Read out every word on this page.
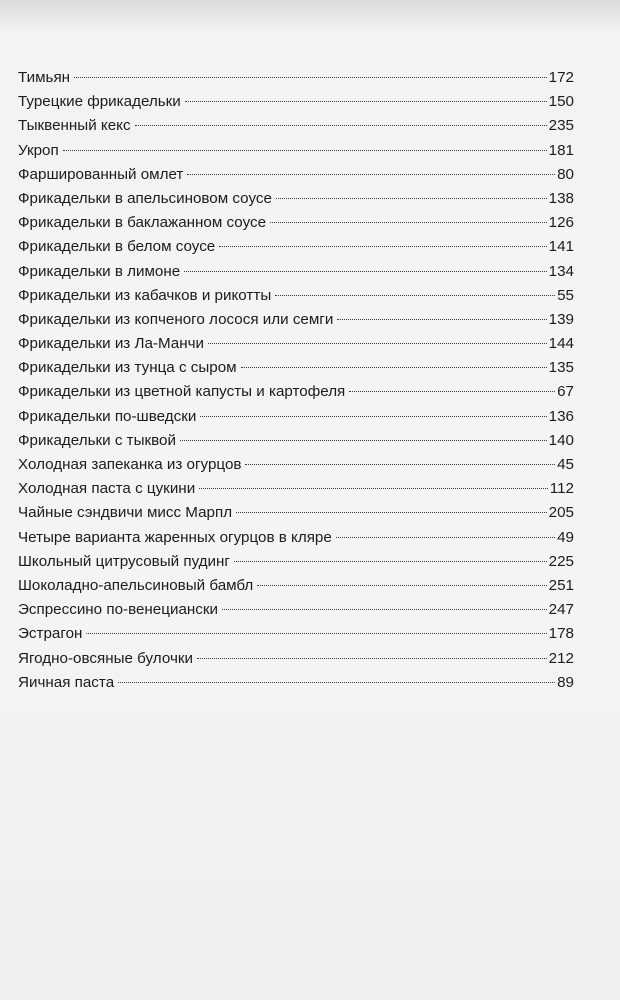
Тимьян	172
Турецкие фрикадельки	150
Тыквенный кекс	235
Укроп	181
Фаршированный омлет	80
Фрикадельки в апельсиновом соусе	138
Фрикадельки в баклажанном соусе	126
Фрикадельки в белом соусе	141
Фрикадельки в лимоне	134
Фрикадельки из кабачков и рикотты	55
Фрикадельки из копченого лосося или семги	139
Фрикадельки из Ла-Манчи	144
Фрикадельки из тунца с сыром	135
Фрикадельки из цветной капусты и картофеля	67
Фрикадельки по-шведски	136
Фрикадельки с тыквой	140
Холодная запеканка из огурцов	45
Холодная паста с цукини	112
Чайные сэндвичи мисс Марпл	205
Четыре варианта жаренных огурцов в кляре	49
Школьный цитрусовый пудинг	225
Шоколадно-апельсиновый бамбл	251
Эспрессино по-венециански	247
Эстрагон	178
Ягодно-овсяные булочки	212
Яичная паста	89
